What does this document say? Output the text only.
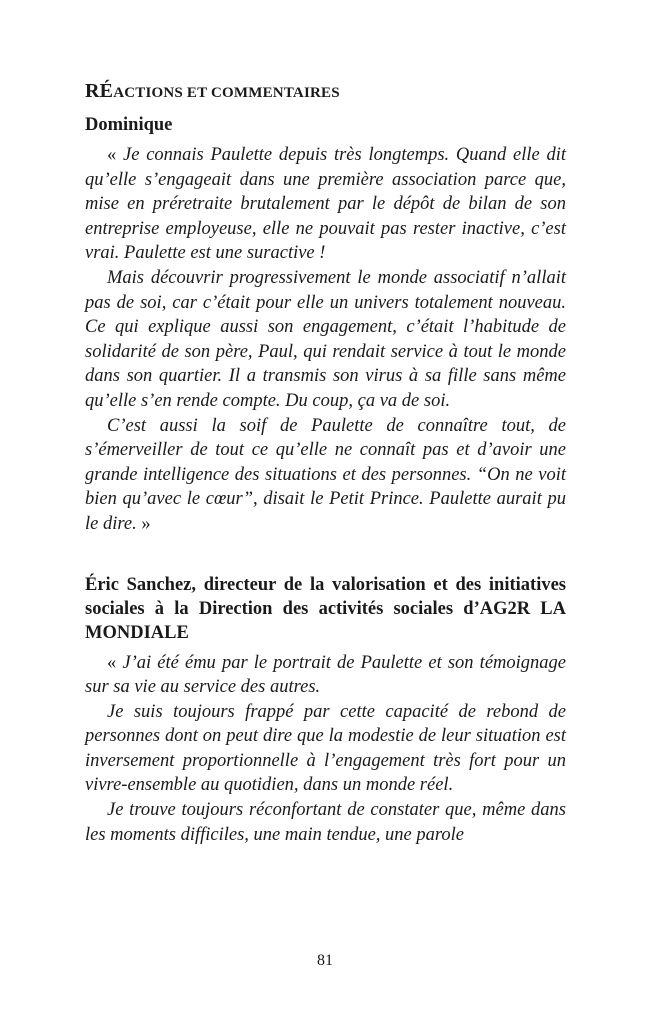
RÉACTIONS ET COMMENTAIRES
Dominique

« Je connais Paulette depuis très longtemps. Quand elle dit qu’elle s’engageait dans une première association parce que, mise en préretraite brutalement par le dépôt de bilan de son entreprise employeuse, elle ne pouvait pas rester inactive, c’est vrai. Paulette est une suractive !

Mais découvrir progressivement le monde associatif n’allait pas de soi, car c’était pour elle un univers totalement nouveau. Ce qui explique aussi son engagement, c’était l’habitude de solidarité de son père, Paul, qui rendait service à tout le monde dans son quartier. Il a transmis son virus à sa fille sans même qu’elle s’en rende compte. Du coup, ça va de soi.

C’est aussi la soif de Paulette de connaître tout, de s’émerveiller de tout ce qu’elle ne connaît pas et d’avoir une grande intelligence des situations et des personnes. “On ne voit bien qu’avec le cœur”, disait le Petit Prince. Paulette aurait pu le dire. »

Éric Sanchez, directeur de la valorisation et des initiatives sociales à la Direction des activités sociales d’AG2R LA MONDIALE

« J’ai été ému par le portrait de Paulette et son témoignage sur sa vie au service des autres.

Je suis toujours frappé par cette capacité de rebond de personnes dont on peut dire que la modestie de leur situation est inversement proportionnelle à l’engagement très fort pour un vivre-ensemble au quotidien, dans un monde réel.

Je trouve toujours réconfortant de constater que, même dans les moments difficiles, une main tendue, une parole

81
